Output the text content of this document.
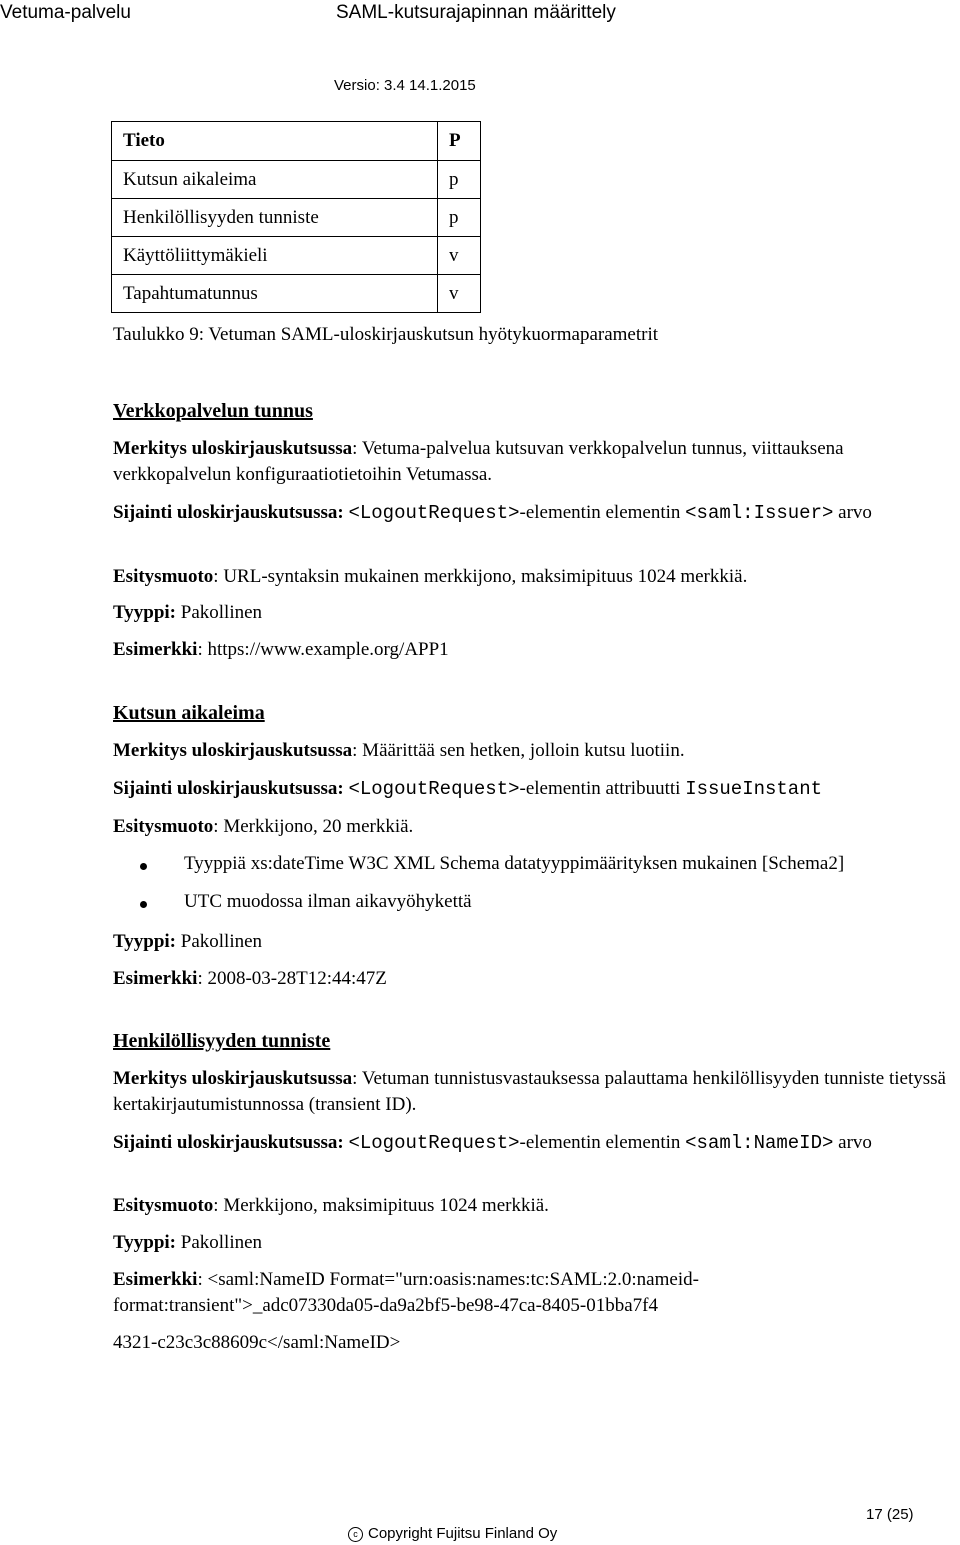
Vetuma-palvelu	SAML-kutsurajapinnan määrittely
Versio: 3.4 14.1.2015
Tieto	P
Kutsun aikaleima	p
Henkilöllisyyden tunniste	p
Käyttöliittymäkieli	v
Tapahtumatunnus	v
Taulukko 9: Vetuman SAML-uloskirjauskutsun hyötykuormaparametrit
Verkkopalvelun tunnus
Merkitys uloskirjauskutsussa: Vetuma-palvelua kutsuvan verkkopalvelun tunnus, viittauksena verkkopalvelun konfiguraatiotietoihin Vetumassa.
Sijainti uloskirjauskutsussa: <LogoutRequest>-elementin elementin <saml:Issuer> arvo
Esitysmuoto: URL-syntaksin mukainen merkkijono, maksimipituus 1024 merkkiä.
Tyyppi: Pakollinen
Esimerkki: https://www.example.org/APP1
Kutsun aikaleima
Merkitys uloskirjauskutsussa: Määrittää sen hetken, jolloin kutsu luotiin.
Sijainti uloskirjauskutsussa: <LogoutRequest>-elementin attribuutti IssueInstant
Esitysmuoto: Merkkijono, 20 merkkiä.
Tyyppiä xs:dateTime W3C XML Schema datatyyppimäärityksen mukainen [Schema2]
UTC muodossa ilman aikavyöhykettä
Tyyppi: Pakollinen
Esimerkki: 2008-03-28T12:44:47Z
Henkilöllisyyden tunniste
Merkitys uloskirjauskutsussa: Vetuman tunnistusvastauksessa palauttama henkilöllisyyden tunniste tietyssä kertakirjautumistunnossa (transient ID).
Sijainti uloskirjauskutsussa: <LogoutRequest>-elementin elementin <saml:NameID> arvo
Esitysmuoto: Merkkijono, maksimipituus 1024 merkkiä.
Tyyppi: Pakollinen
Esimerkki: <saml:NameID Format="urn:oasis:names:tc:SAML:2.0:nameid-format:transient">_adc07330da05-da9a2bf5-be98-47ca-8405-01bba7f4
4321-c23c3c88609c</saml:NameID>
17 (25)
c Copyright Fujitsu Finland Oy
